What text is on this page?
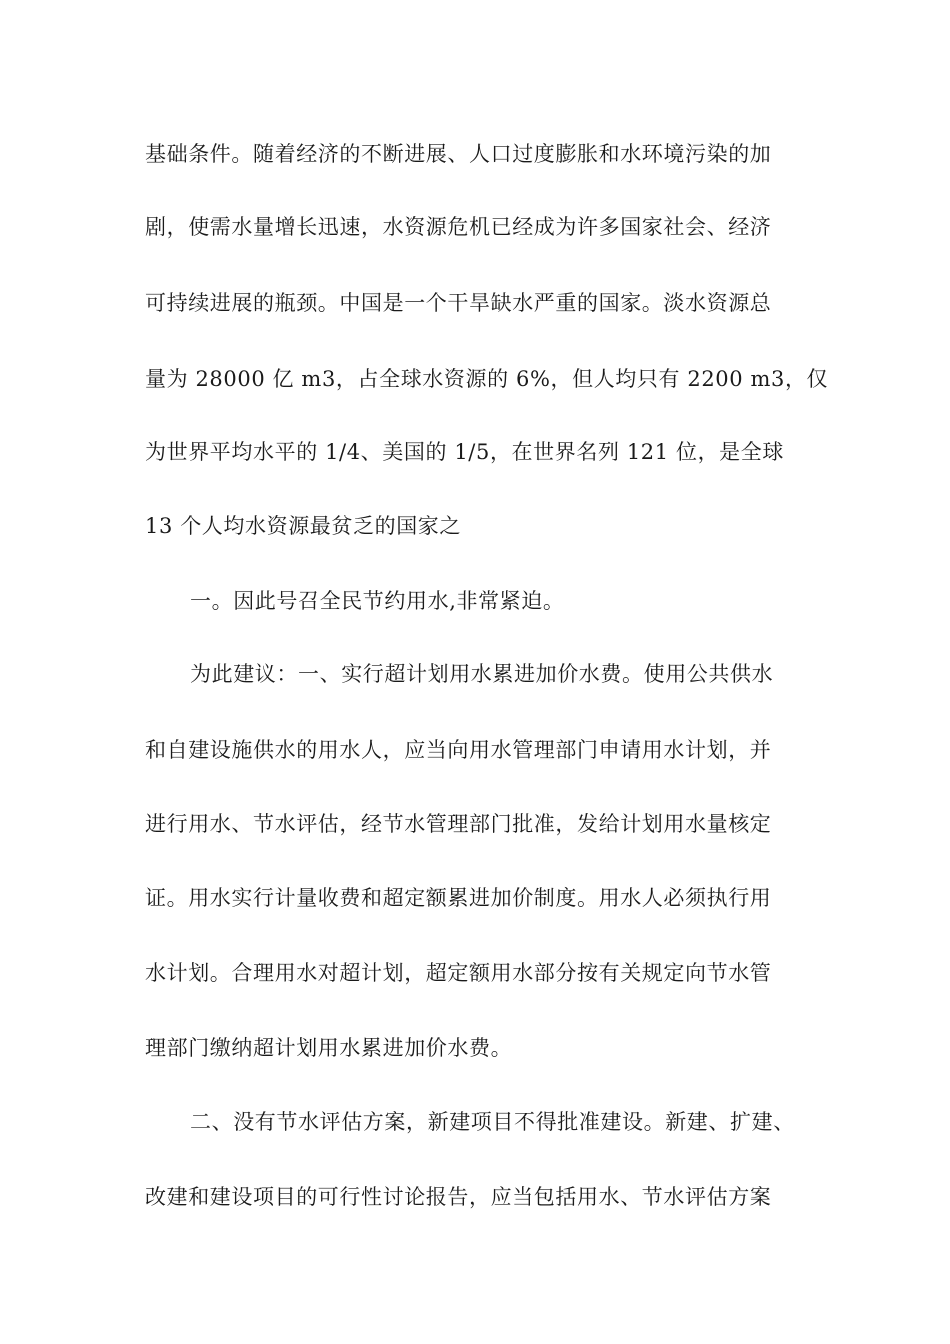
基础条件。随着经济的不断进展、人口过度膨胀和水环境污染的加
剧，使需水量增长迅速，水资源危机已经成为许多国家社会、经济
可持续进展的瓶颈。中国是一个干旱缺水严重的国家。淡水资源总
量为 28000 亿 m3，占全球水资源的 6%，但人均只有 2200 m3，仅
为世界平均水平的 1/4、美国的 1/5，在世界名列 121 位，是全球
13 个人均水资源最贫乏的国家之
一。因此号召全民节约用水,非常紧迫。
为此建议：一、实行超计划用水累进加价水费。使用公共供水
和自建设施供水的用水人，应当向用水管理部门申请用水计划，并
进行用水、节水评估，经节水管理部门批准，发给计划用水量核定
证。用水实行计量收费和超定额累进加价制度。用水人必须执行用
水计划。合理用水对超计划，超定额用水部分按有关规定向节水管
理部门缴纳超计划用水累进加价水费。
二、没有节水评估方案，新建项目不得批准建设。新建、扩建、
改建和建设项目的可行性讨论报告，应当包括用水、节水评估方案
